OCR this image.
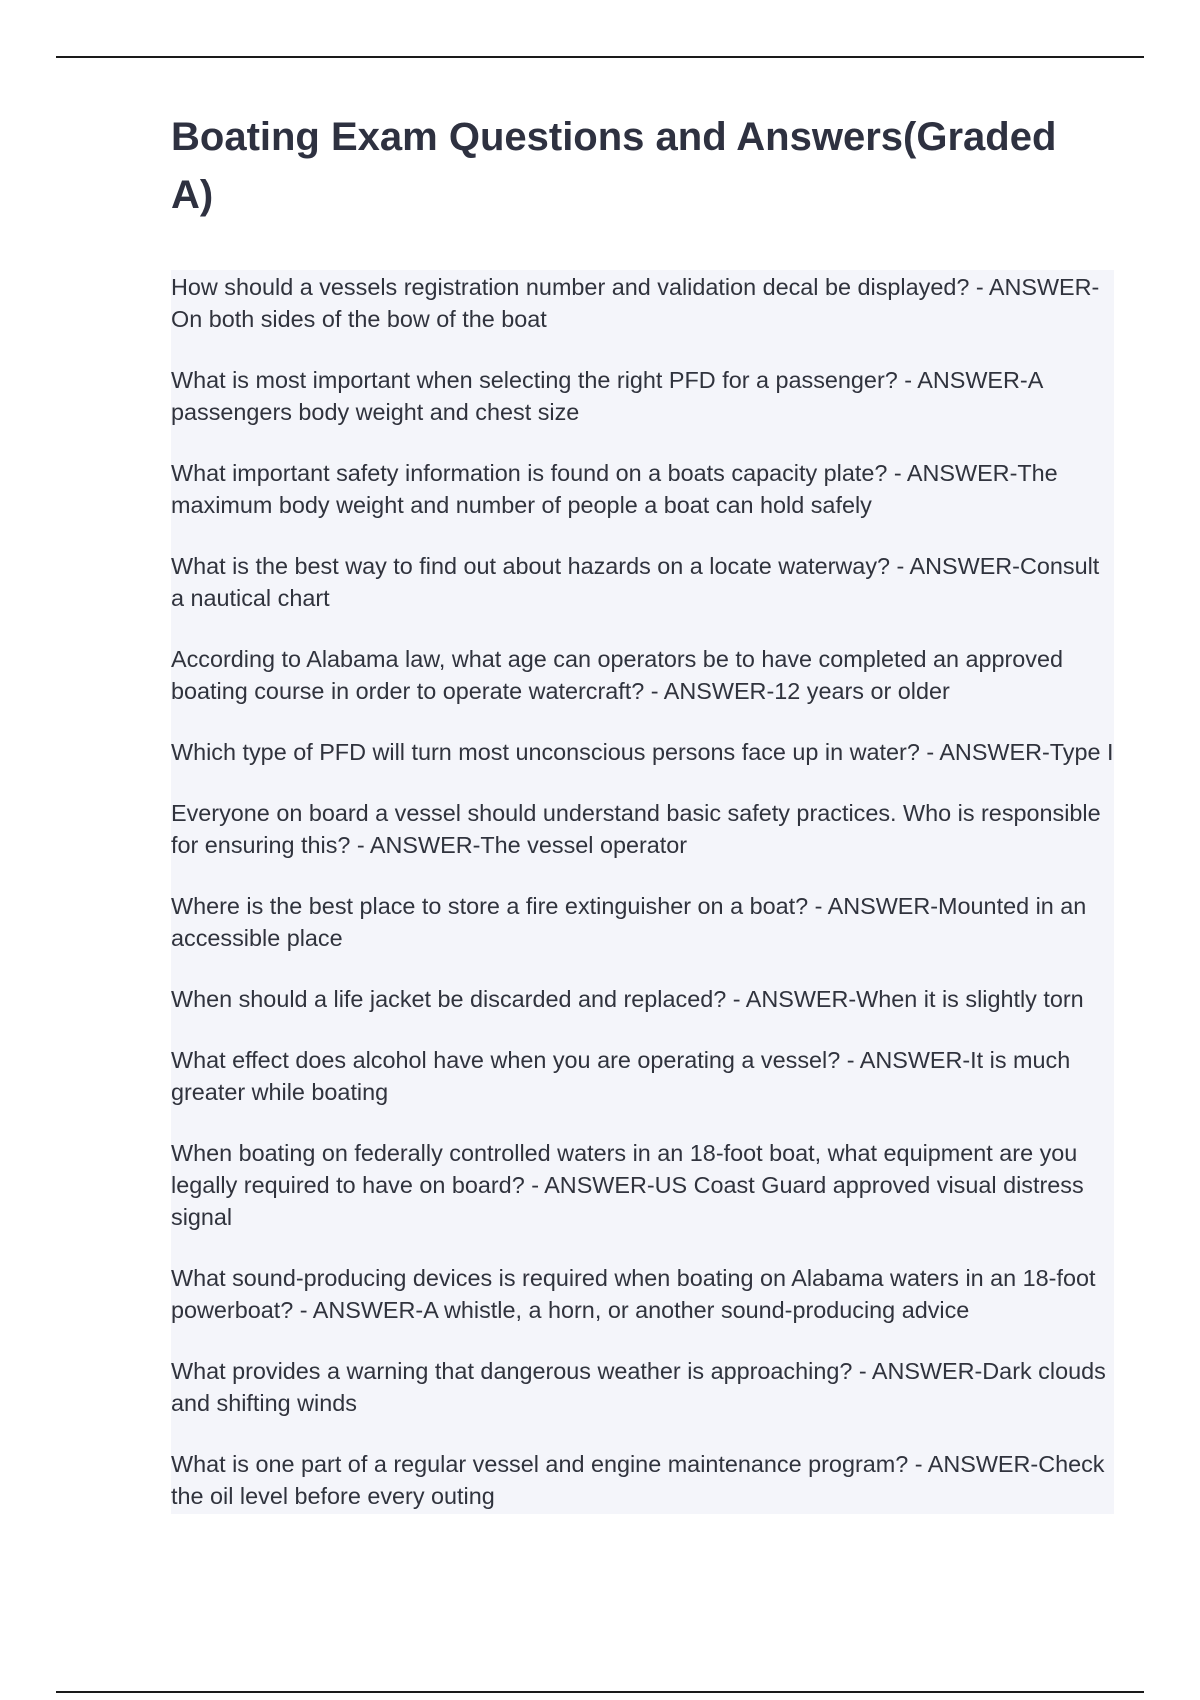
Boating Exam Questions and Answers(Graded A)

How should a vessels registration number and validation decal be displayed? - ANSWER-On both sides of the bow of the boat

What is most important when selecting the right PFD for a passenger? - ANSWER-A passengers body weight and chest size

What important safety information is found on a boats capacity plate? - ANSWER-The maximum body weight and number of people a boat can hold safely

What is the best way to find out about hazards on a locate waterway? - ANSWER-Consult a nautical chart

According to Alabama law, what age can operators be to have completed an approved boating course in order to operate watercraft? - ANSWER-12 years or older

Which type of PFD will turn most unconscious persons face up in water? - ANSWER-Type I

Everyone on board a vessel should understand basic safety practices. Who is responsible for ensuring this? - ANSWER-The vessel operator

Where is the best place to store a fire extinguisher on a boat? - ANSWER-Mounted in an accessible place

When should a life jacket be discarded and replaced? - ANSWER-When it is slightly torn

What effect does alcohol have when you are operating a vessel? - ANSWER-It is much greater while boating

When boating on federally controlled waters in an 18-foot boat, what equipment are you legally required to have on board? - ANSWER-US Coast Guard approved visual distress signal

What sound-producing devices is required when boating on Alabama waters in an 18-foot powerboat? - ANSWER-A whistle, a horn, or another sound-producing advice

What provides a warning that dangerous weather is approaching? - ANSWER-Dark clouds and shifting winds

What is one part of a regular vessel and engine maintenance program? - ANSWER-Check the oil level before every outing
